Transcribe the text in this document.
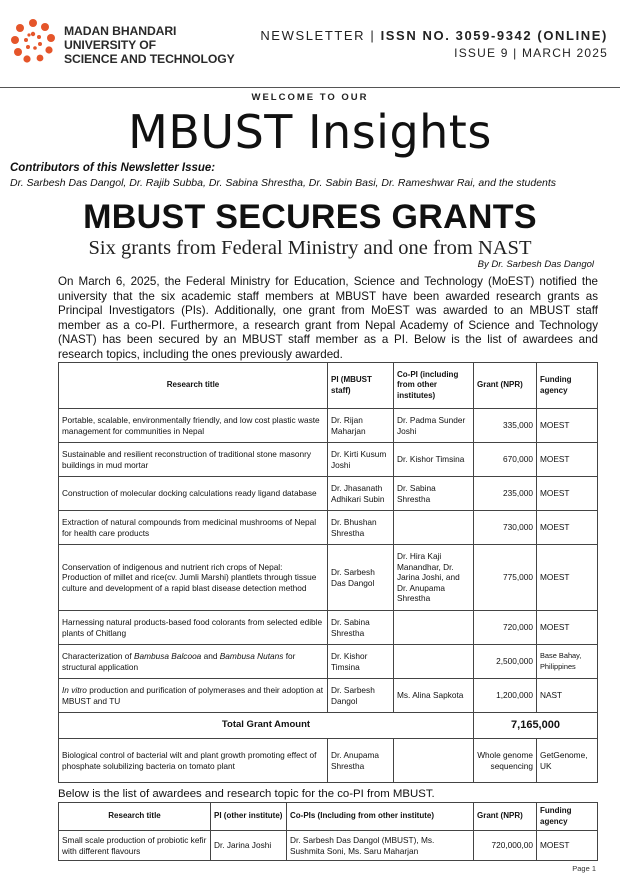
MADAN BHANDARI
UNIVERSITY OF
SCIENCE AND TECHNOLOGY
NEWSLETTER | ISSN NO. 3059-9342 (ONLINE)
ISSUE 9 | MARCH 2025
WELCOME TO OUR
MBUST Insights
Contributors of this Newsletter Issue:
Dr. Sarbesh Das Dangol, Dr. Rajib Subba, Dr. Sabina Shrestha, Dr. Sabin Basi, Dr. Rameshwar Rai, and the students
MBUST SECURES GRANTS
Six grants from Federal Ministry and one from NAST
By Dr. Sarbesh Das Dangol

On March 6, 2025, the Federal Ministry for Education, Science and Technology (MoEST) notified the university that the six academic staff members at MBUST have been awarded research grants as Principal Investigators (PIs). Additionally, one grant from MoEST was awarded to an MBUST staff member as a co-PI. Furthermore, a research grant from Nepal Academy of Science and Technology (NAST) has been secured by an MBUST staff member as a PI. Below is the list of awardees and research topics, including the ones previously awarded.

Research title	PI (MBUST staff)	Co-PI (including from other institutes)	Grant (NPR)	Funding agency
Portable, scalable, environmentally friendly, and low cost plastic waste management for communities in Nepal	Dr. Rijan Maharjan	Dr. Padma Sunder Joshi	335,000	MOEST
Sustainable and resilient reconstruction of traditional stone masonry buildings in mud mortar	Dr. Kirti Kusum Joshi	Dr. Kishor Timsina	670,000	MOEST
Construction of molecular docking calculations ready ligand database	Dr. Jhasanath Adhikari Subin	Dr. Sabina Shrestha	235,000	MOEST
Extraction of natural compounds from medicinal mushrooms of Nepal for health care products	Dr. Bhushan Shrestha		730,000	MOEST
Conservation of indigenous and nutrient rich crops of Nepal: Production of millet and rice(cv. Jumli Marshi) plantlets through tissue culture and development of a rapid blast disease detection method	Dr. Sarbesh Das Dangol	Dr. Hira Kaji Manandhar, Dr. Jarina Joshi, and Dr. Anupama Shrestha	775,000	MOEST
Harnessing natural products-based food colorants from selected edible plants of Chitlang	Dr. Sabina Shrestha		720,000	MOEST
Characterization of Bambusa Balcooa and Bambusa Nutans for structural application	Dr. Kishor Timsina		2,500,000	Base Bahay, Philippines
In vitro production and purification of polymerases and their adoption at MBUST and TU	Dr. Sarbesh Dangol	Ms. Alina Sapkota	1,200,000	NAST
Total Grant Amount			7,165,000	
Biological control of bacterial wilt and plant growth promoting effect of phosphate solubilizing bacteria on tomato plant	Dr. Anupama Shrestha		Whole genome sequencing	GetGenome, UK
Below is the list of awardees and research topic for the co-PI from MBUST.
Research title	PI (other institute)	Co-PIs (Including from other institute)	Grant (NPR)	Funding agency
Small scale production of probiotic kefir with different flavours	Dr. Jarina Joshi	Dr. Sarbesh Das Dangol (MBUST), Ms. Sushmita Soni, Ms. Saru Maharjan	720,000,00	MOEST
Page 1
